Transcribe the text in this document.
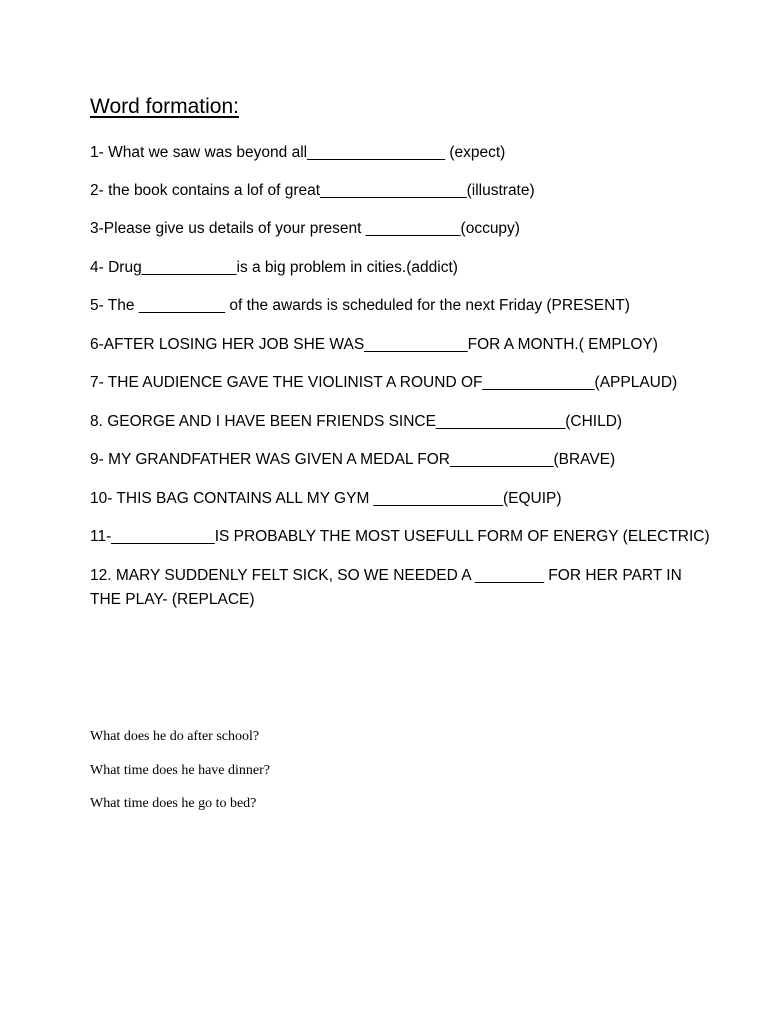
Word formation:
1- What we saw was beyond all________________ (expect)
2- the book contains a lof of great_________________(illustrate)
3-Please give us details of your present ___________(occupy)
4- Drug___________is a big problem in cities.(addict)
5- The __________ of the awards is scheduled for the next Friday (PRESENT)
6-AFTER LOSING HER JOB SHE WAS____________FOR A MONTH.( EMPLOY)
7- THE AUDIENCE GAVE THE VIOLINIST A ROUND OF_____________(APPLAUD)
8. GEORGE AND I HAVE BEEN FRIENDS SINCE_______________(CHILD)
9- MY GRANDFATHER WAS GIVEN A MEDAL FOR____________(BRAVE)
10- THIS BAG CONTAINS ALL MY GYM _______________(EQUIP)
11-____________IS PROBABLY THE MOST USEFULL FORM OF ENERGY (ELECTRIC)
12. MARY SUDDENLY FELT SICK, SO WE NEEDED A ________ FOR HER PART IN THE PLAY- (REPLACE)
What does he do after school?
What time does he have dinner?
What time does he go to bed?
